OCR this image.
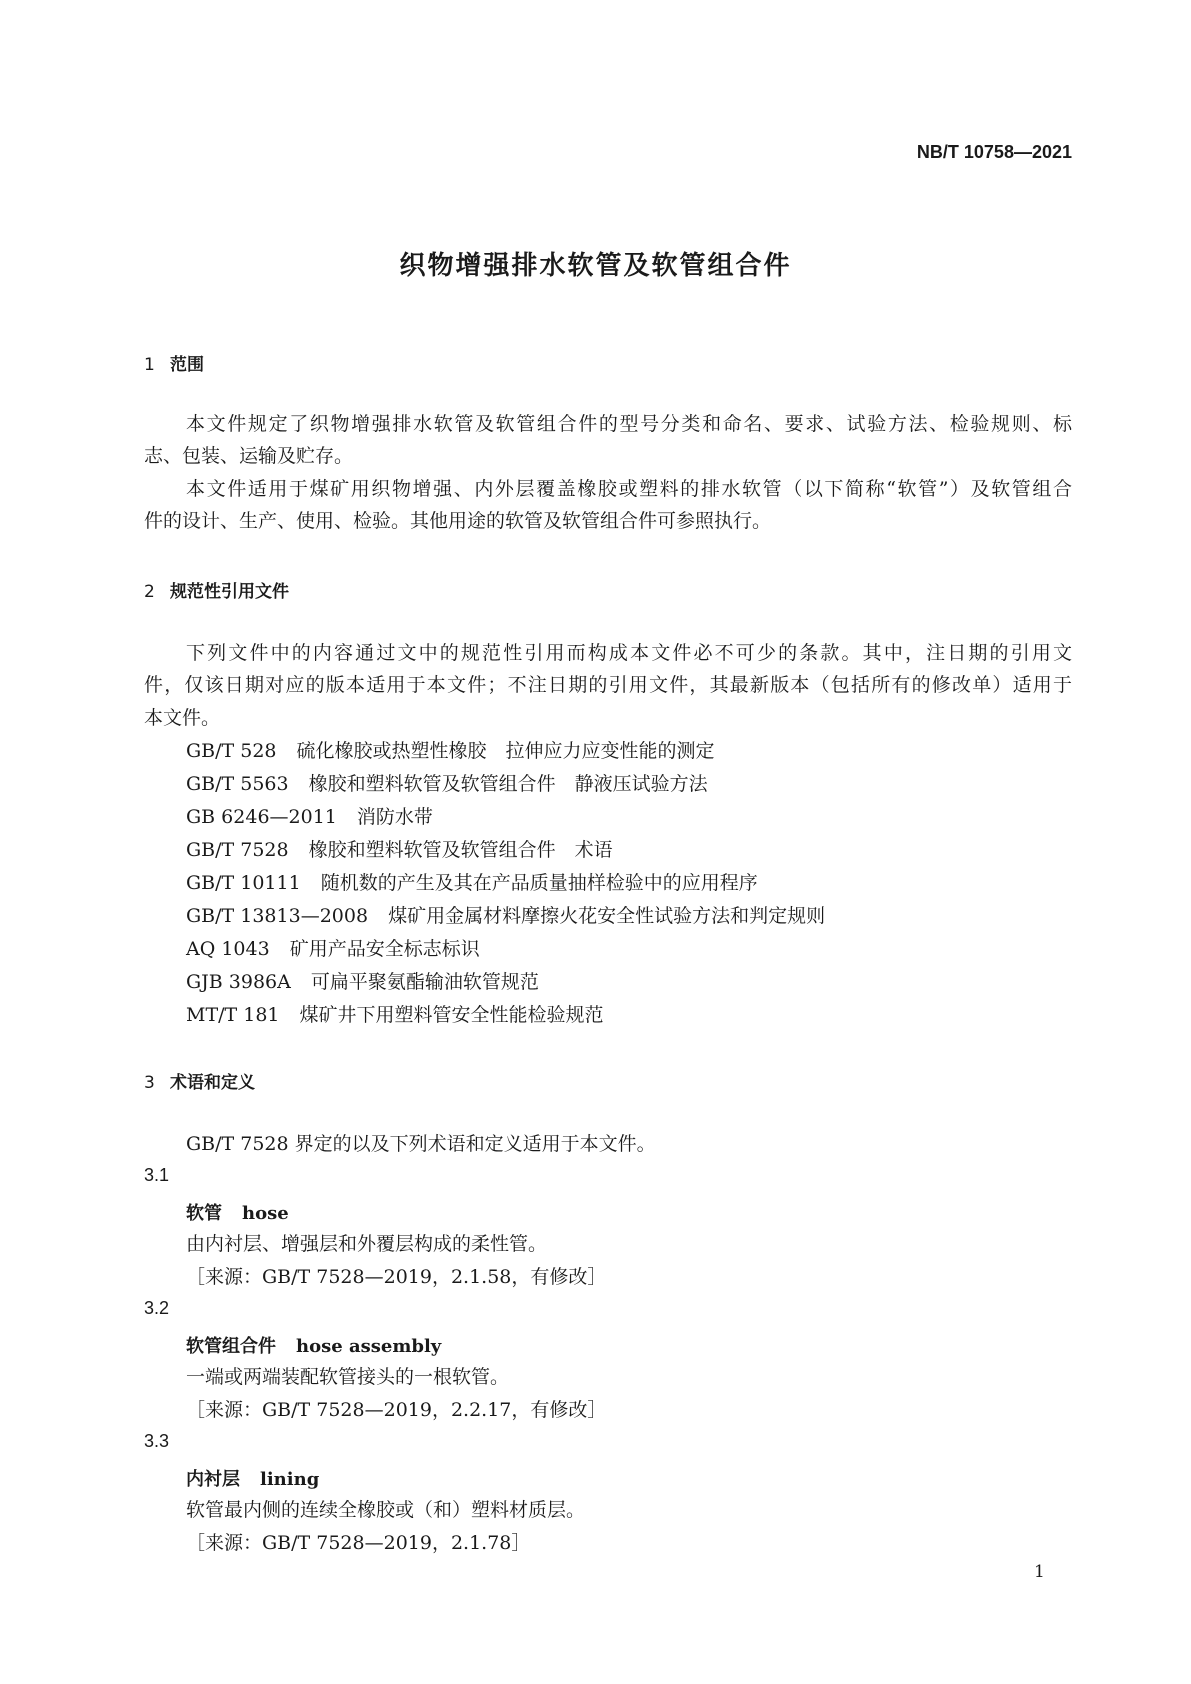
NB/T 10758—2021
织物增强排水软管及软管组合件
1 范围
本文件规定了织物增强排水软管及软管组合件的型号分类和命名、要求、试验方法、检验规则、标
志、包装、运输及贮存。
本文件适用于煤矿用织物增强、内外层覆盖橡胶或塑料的排水软管（以下简称“软管”）及软管组合
件的设计、生产、使用、检验。其他用途的软管及软管组合件可参照执行。
2 规范性引用文件
下列文件中的内容通过文中的规范性引用而构成本文件必不可少的条款。其中，注日期的引用文
件，仅该日期对应的版本适用于本文件；不注日期的引用文件，其最新版本（包括所有的修改单）适用于
本文件。
GB/T 528 硫化橡胶或热塑性橡胶　拉伸应力应变性能的测定
GB/T 5563 橡胶和塑料软管及软管组合件　静液压试验方法
GB 6246—2011 消防水带
GB/T 7528 橡胶和塑料软管及软管组合件　术语
GB/T 10111 随机数的产生及其在产品质量抽样检验中的应用程序
GB/T 13813—2008 煤矿用金属材料摩擦火花安全性试验方法和判定规则
AQ 1043 矿用产品安全标志标识
GJB 3986A 可扁平聚氨酯输油软管规范
MT/T 181 煤矿井下用塑料管安全性能检验规范
3 术语和定义
GB/T 7528 界定的以及下列术语和定义适用于本文件。
3.1
软管 hose
由内衬层、增强层和外覆层构成的柔性管。
［来源：GB/T 7528—2019，2.1.58，有修改］
3.2
软管组合件 hose assembly
一端或两端装配软管接头的一根软管。
［来源：GB/T 7528—2019，2.2.17，有修改］
3.3
内衬层 lining
软管最内侧的连续全橡胶或（和）塑料材质层。
［来源：GB/T 7528—2019，2.1.78］
1
